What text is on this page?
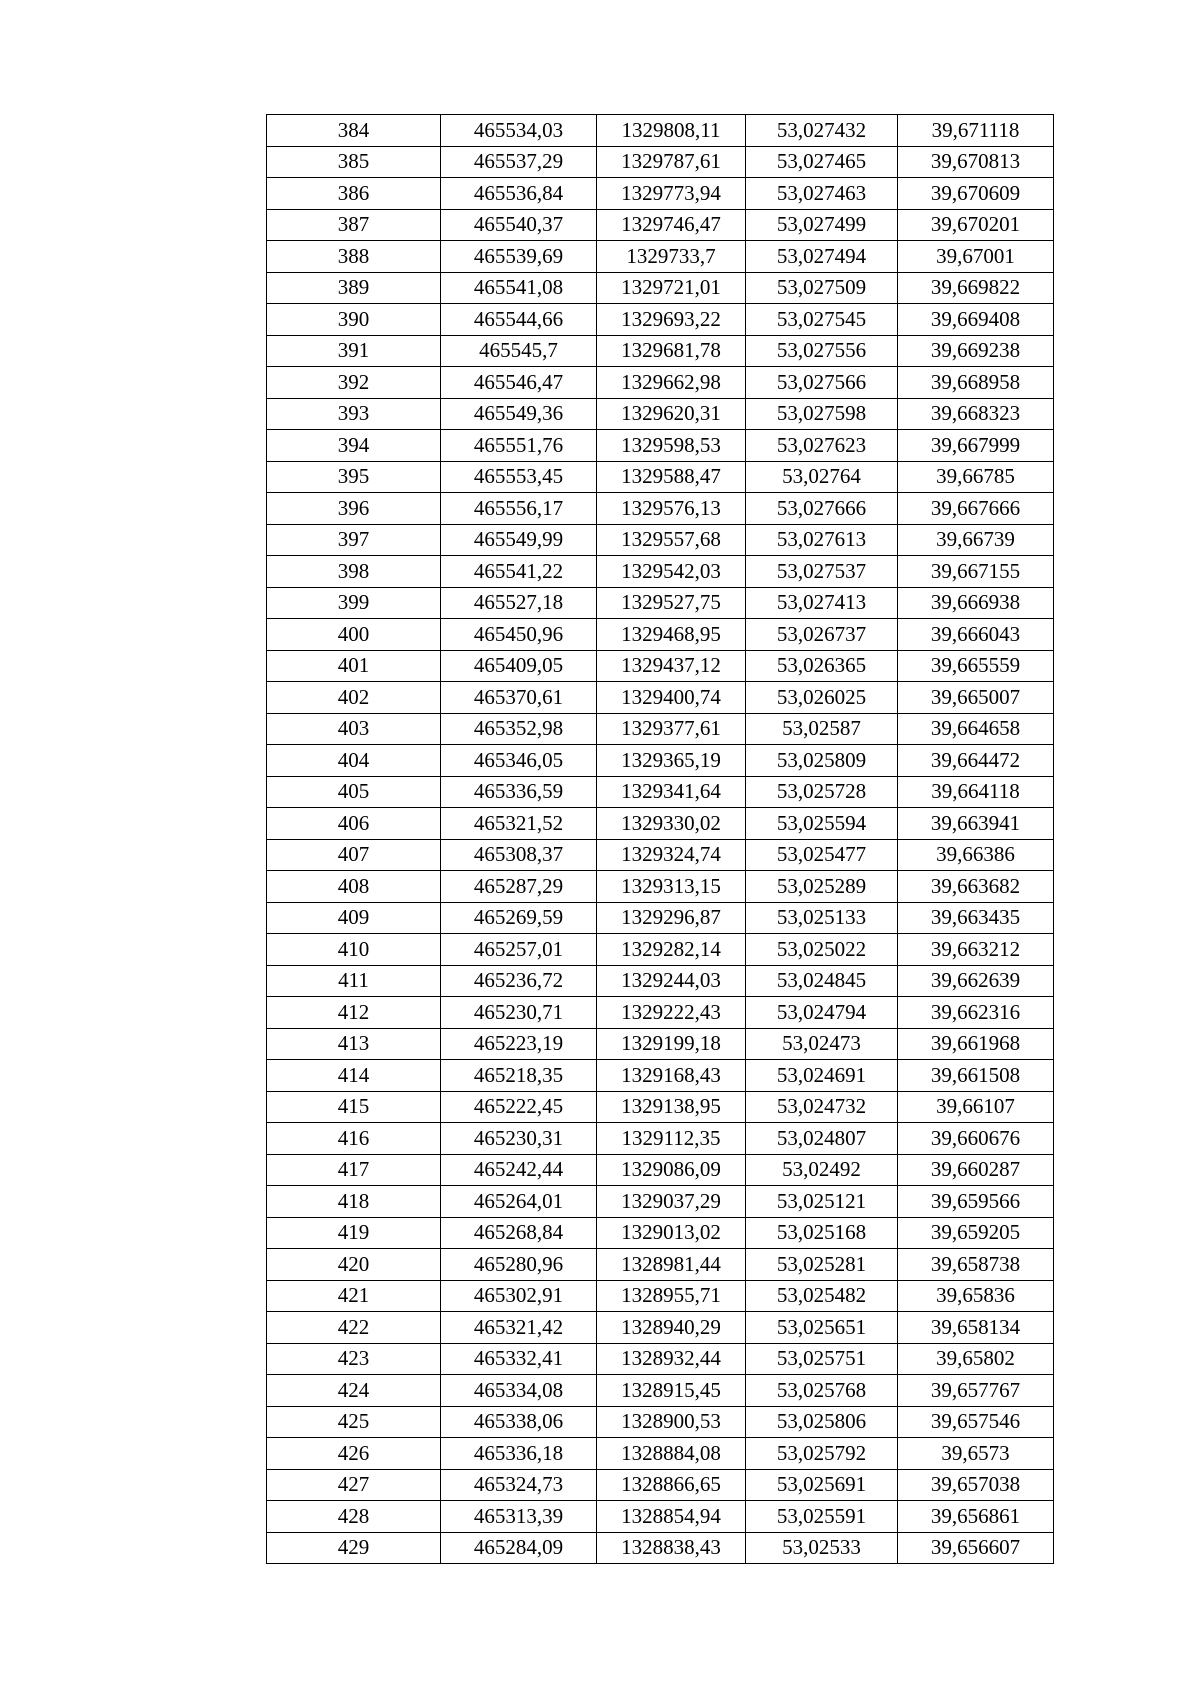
384	465534,03	1329808,11	53,027432	39,671118
385	465537,29	1329787,61	53,027465	39,670813
386	465536,84	1329773,94	53,027463	39,670609
387	465540,37	1329746,47	53,027499	39,670201
388	465539,69	1329733,7	53,027494	39,67001
389	465541,08	1329721,01	53,027509	39,669822
390	465544,66	1329693,22	53,027545	39,669408
391	465545,7	1329681,78	53,027556	39,669238
392	465546,47	1329662,98	53,027566	39,668958
393	465549,36	1329620,31	53,027598	39,668323
394	465551,76	1329598,53	53,027623	39,667999
395	465553,45	1329588,47	53,02764	39,66785
396	465556,17	1329576,13	53,027666	39,667666
397	465549,99	1329557,68	53,027613	39,66739
398	465541,22	1329542,03	53,027537	39,667155
399	465527,18	1329527,75	53,027413	39,666938
400	465450,96	1329468,95	53,026737	39,666043
401	465409,05	1329437,12	53,026365	39,665559
402	465370,61	1329400,74	53,026025	39,665007
403	465352,98	1329377,61	53,02587	39,664658
404	465346,05	1329365,19	53,025809	39,664472
405	465336,59	1329341,64	53,025728	39,664118
406	465321,52	1329330,02	53,025594	39,663941
407	465308,37	1329324,74	53,025477	39,66386
408	465287,29	1329313,15	53,025289	39,663682
409	465269,59	1329296,87	53,025133	39,663435
410	465257,01	1329282,14	53,025022	39,663212
411	465236,72	1329244,03	53,024845	39,662639
412	465230,71	1329222,43	53,024794	39,662316
413	465223,19	1329199,18	53,02473	39,661968
414	465218,35	1329168,43	53,024691	39,661508
415	465222,45	1329138,95	53,024732	39,66107
416	465230,31	1329112,35	53,024807	39,660676
417	465242,44	1329086,09	53,02492	39,660287
418	465264,01	1329037,29	53,025121	39,659566
419	465268,84	1329013,02	53,025168	39,659205
420	465280,96	1328981,44	53,025281	39,658738
421	465302,91	1328955,71	53,025482	39,65836
422	465321,42	1328940,29	53,025651	39,658134
423	465332,41	1328932,44	53,025751	39,65802
424	465334,08	1328915,45	53,025768	39,657767
425	465338,06	1328900,53	53,025806	39,657546
426	465336,18	1328884,08	53,025792	39,6573
427	465324,73	1328866,65	53,025691	39,657038
428	465313,39	1328854,94	53,025591	39,656861
429	465284,09	1328838,43	53,02533	39,656607
